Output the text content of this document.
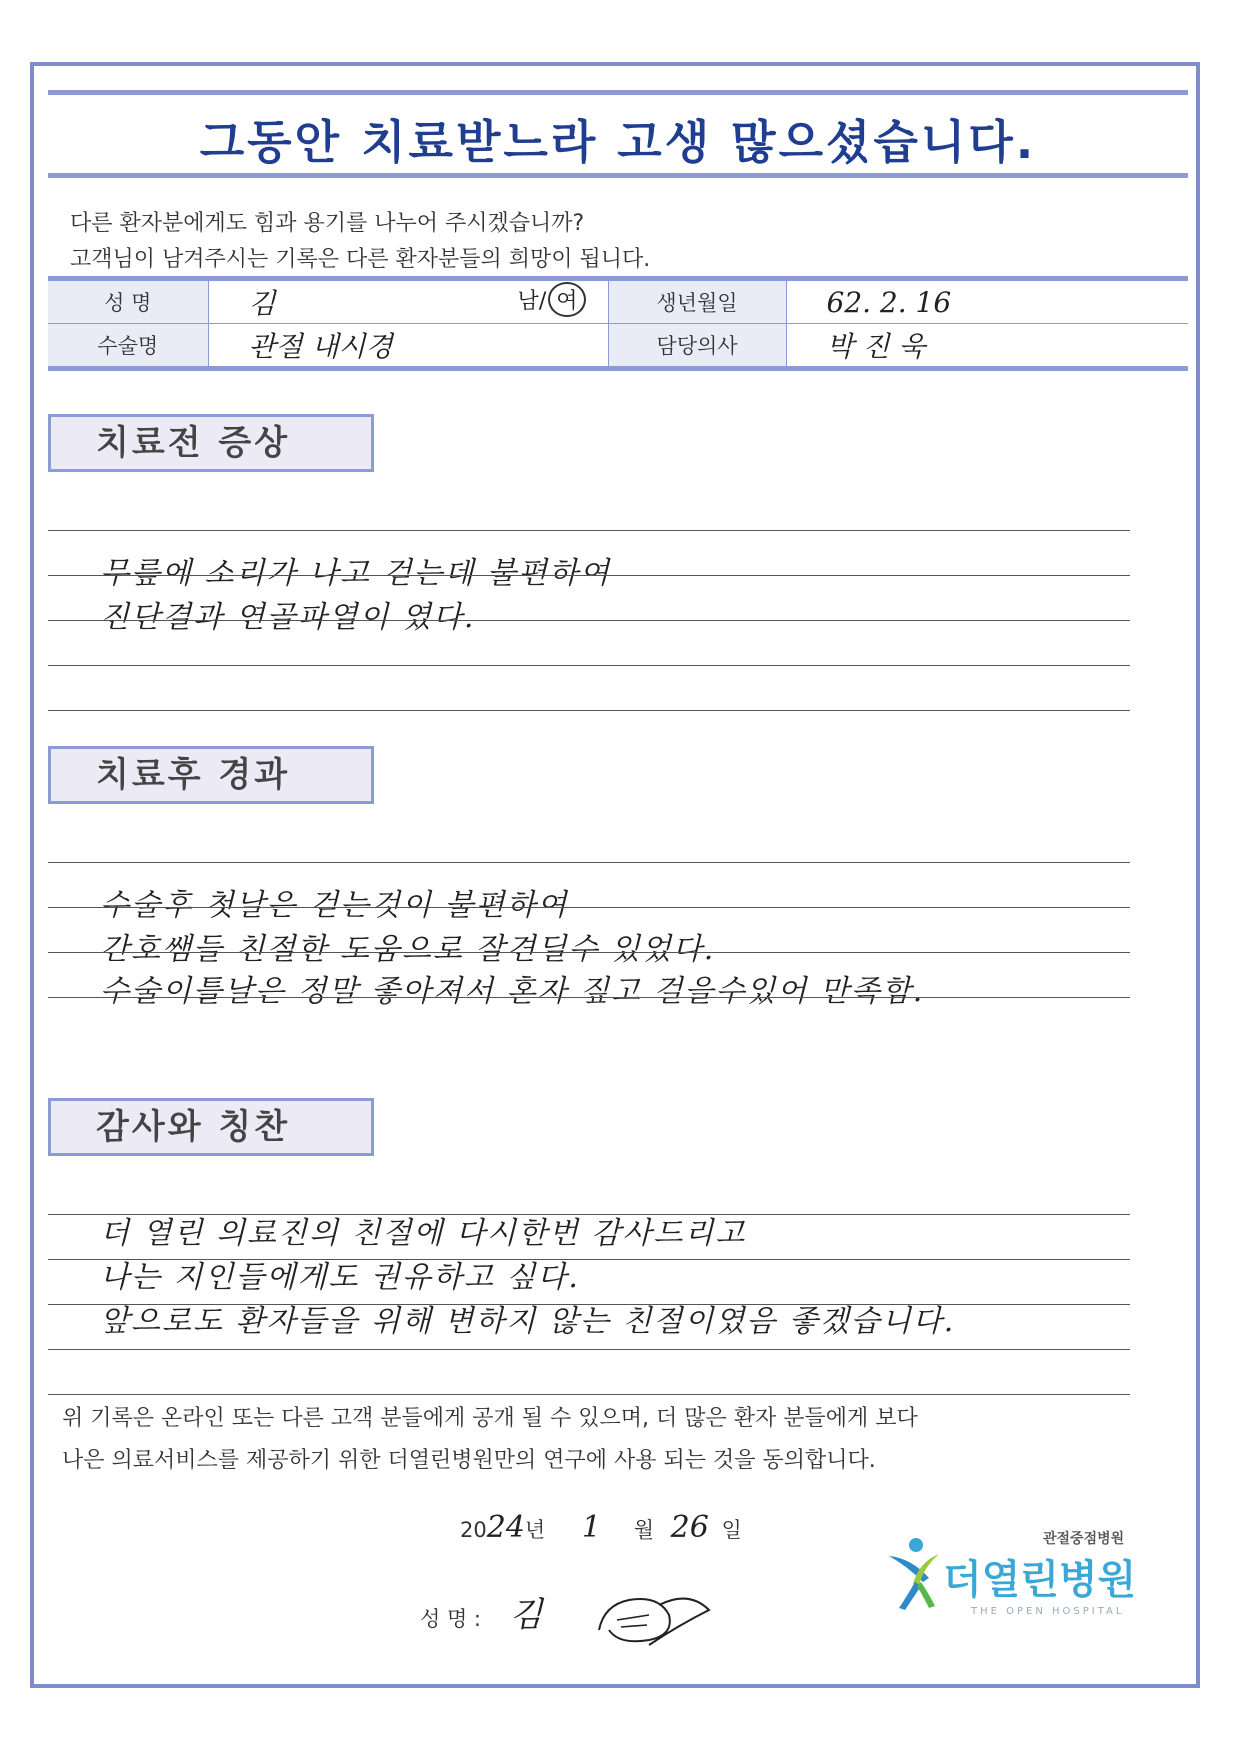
그동안 치료받느라 고생 많으셨습니다.
다른 환자분에게도 힘과 용기를 나누어 주시겠습니까?
고객님이 남겨주시는 기록은 다른 환자분들의 희망이 됩니다.
성 명	김 남/ 여	생년월일	62. 2. 16
수술명	관절 내시경	담당의사	박 진 욱
치료전 증상
무릎에 소리가 나고 걷는데 불편하여
진단결과 연골파열이 였다.
치료후 경과
수술후 첫날은 걷는것이 불편하여
간호쌤들 친절한 도움으로 잘견딜수 있었다.
수술이틀날은 정말 좋아져서 혼자 짚고 걸을수있어 만족함.
감사와 칭찬
더 열린 의료진의 친절에 다시한번 감사드리고
나는 지인들에게도 권유하고 싶다.
앞으로도 환자들을 위해 변하지 않는 친절이였음 좋겠습니다.
위 기록은 온라인 또는 다른 고객 분들에게 공개 될 수 있으며, 더 많은 환자 분들에게 보다
나은 의료서비스를 제공하기 위한 더열린병원만의 연구에 사용 되는 것을 동의합니다.
2024년 1 월 26 일
성 명 : 김
관절중점병원
더열린병원
THE OPEN HOSPITAL
